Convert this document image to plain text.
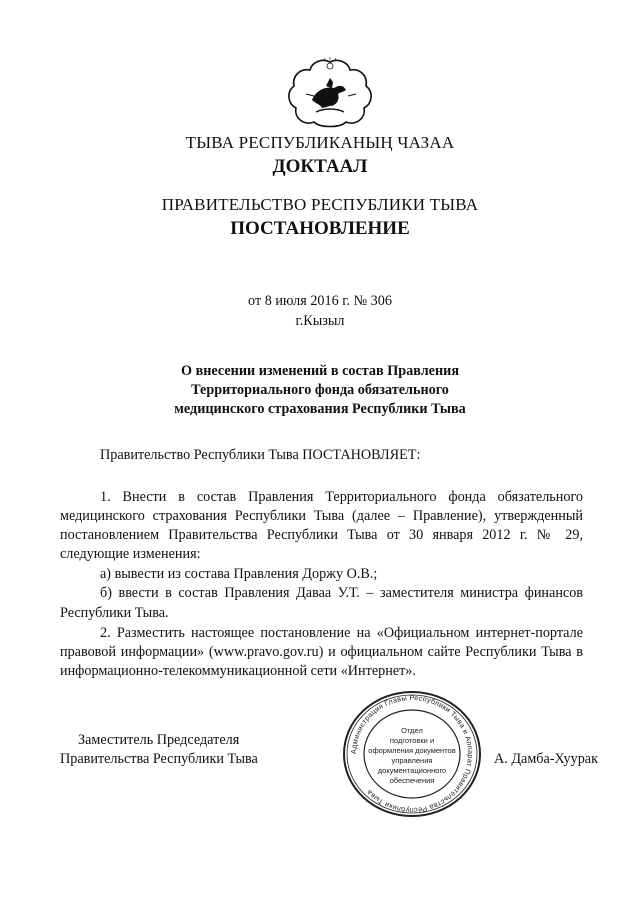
ТЫВА РЕСПУБЛИКАНЫҢ ЧАЗАА
ДОКТААЛ
ПРАВИТЕЛЬСТВО РЕСПУБЛИКИ ТЫВА
ПОСТАНОВЛЕНИЕ
от 8 июля 2016 г. № 306
г.Кызыл
О внесении изменений в состав Правления
Территориального фонда обязательного
медицинского страхования Республики Тыва
Правительство Республики Тыва ПОСТАНОВЛЯЕТ:
1. Внести в состав Правления Территориального фонда обязательного
медицинского страхования Республики Тыва (далее – Правление), утвержденный
постановлением Правительства Республики Тыва от 30 января 2012 г. № 29,
следующие изменения:
а) вывести из состава Правления Доржу О.В.;
б) ввести в состав Правления Даваа У.Т. – заместителя министра финансов
Республики Тыва.
2. Разместить настоящее постановление на «Официальном интернет-портале
правовой информации» (www.pravo.gov.ru) и официальном сайте Республики Тыва в
информационно-телекоммуникационной сети «Интернет».
Заместитель Председателя
Правительства Республики Тыва	А. Дамба-Хуурак
Администрация Главы Республики Тыва и Аппарат Правительства Республики Тыва
Отдел
подготовки и
оформления документов
управления
документационного
обеспечения
